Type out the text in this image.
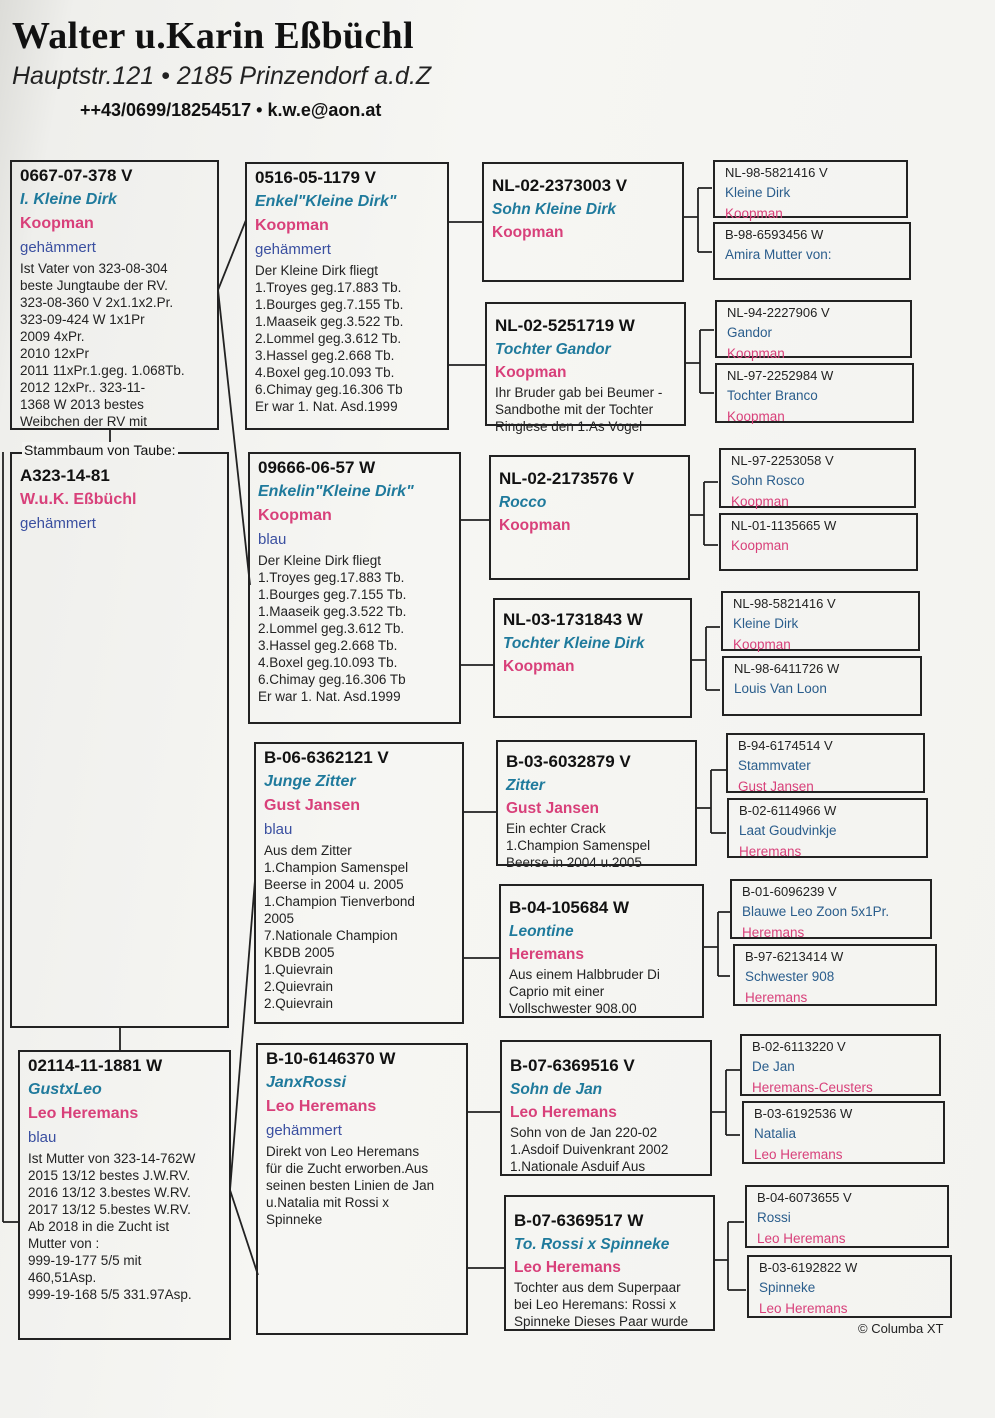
Walter u.Karin Eßbüchl
Hauptstr.121 • 2185 Prinzendorf a.d.Z
++43/0699/18254517 • k.w.e@aon.at
0667-07-378 V
I. Kleine Dirk
Koopman
gehämmert
Ist Vater von 323-08-304
beste Jungtaube der RV.
323-08-360 V 2x1.1x2.Pr.
323-09-424 W 1x1Pr
2009 4xPr.
2010 12xPr
2011 11xPr.1.geg. 1.068Tb.
2012 12xPr.. 323-11-
1368 W 2013 bestes
Weibchen der RV mit
A323-14-81
W.u.K. Eßbüchl
gehämmert
Stammbaum von Taube:
02114-11-1881 W
GustxLeo
Leo Heremans
blau
Ist Mutter von 323-14-762W
2015 13/12 bestes J.W.RV.
2016 13/12 3.bestes W.RV.
2017 13/12 5.bestes W.RV.
Ab 2018 in die Zucht ist
Mutter von :
999-19-177 5/5 mit
460,51Asp.
999-19-168 5/5 331.97Asp.
0516-05-1179 V
Enkel"Kleine Dirk"
Koopman
gehämmert
Der Kleine Dirk fliegt
1.Troyes geg.17.883 Tb.
1.Bourges geg.7.155 Tb.
1.Maaseik geg.3.522 Tb.
2.Lommel geg.3.612 Tb.
3.Hassel geg.2.668 Tb.
4.Boxel geg.10.093 Tb.
6.Chimay geg.16.306 Tb
Er war 1. Nat. Asd.1999
09666-06-57 W
Enkelin"Kleine Dirk"
Koopman
blau
Der Kleine Dirk fliegt
1.Troyes geg.17.883 Tb.
1.Bourges geg.7.155 Tb.
1.Maaseik geg.3.522 Tb.
2.Lommel geg.3.612 Tb.
3.Hassel geg.2.668 Tb.
4.Boxel geg.10.093 Tb.
6.Chimay geg.16.306 Tb
Er war 1. Nat. Asd.1999
B-06-6362121 V
Junge Zitter
Gust Jansen
blau
Aus dem Zitter
1.Champion Samenspel
Beerse in 2004 u. 2005
1.Champion Tienverbond
2005
7.Nationale Champion
KBDB 2005
1.Quievrain
2.Quievrain
2.Quievrain
B-10-6146370 W
JanxRossi
Leo Heremans
gehämmert
Direkt von Leo Heremans
für die Zucht erworben.Aus
seinen besten Linien de Jan
u.Natalia mit Rossi x
Spinneke
NL-02-2373003 V
Sohn Kleine Dirk
Koopman
NL-02-5251719 W
Tochter Gandor
Koopman
Ihr Bruder gab bei Beumer -
Sandbothe mit der Tochter
Ringlese den 1.As Vogel
NL-02-2173576 V
Rocco
Koopman
NL-03-1731843 W
Tochter Kleine Dirk
Koopman
B-03-6032879 V
Zitter
Gust Jansen
Ein echter Crack
1.Champion Samenspel
Beerse in 2004 u.2005
B-04-105684 W
Leontine
Heremans
Aus einem Halbbruder Di
Caprio mit einer
Vollschwester 908.00
B-07-6369516 V
Sohn de Jan
Leo Heremans
Sohn von de Jan 220-02
1.Asdoif Duivenkrant 2002
1.Nationale Asduif Aus
B-07-6369517 W
To. Rossi x Spinneke
Leo Heremans
Tochter aus dem Superpaar
bei Leo Heremans: Rossi x
Spinneke Dieses Paar wurde
NL-98-5821416 V
Kleine Dirk
Koopman
B-98-6593456 W
Amira Mutter von:
NL-94-2227906 V
Gandor
Koopman
NL-97-2252984 W
Tochter Branco
Koopman
NL-97-2253058 V
Sohn Rosco
Koopman
NL-01-1135665 W
Koopman
NL-98-5821416 V
Kleine Dirk
Koopman
NL-98-6411726 W
Louis Van Loon
B-94-6174514 V
Stammvater
Gust Jansen
B-02-6114966 W
Laat Goudvinkje
Heremans
B-01-6096239 V
Blauwe Leo Zoon 5x1Pr.
Heremans
B-97-6213414 W
Schwester 908
Heremans
B-02-6113220 V
De Jan
Heremans-Ceusters
B-03-6192536 W
Natalia
Leo Heremans
B-04-6073655 V
Rossi
Leo Heremans
B-03-6192822 W
Spinneke
Leo Heremans
© Columba XT
